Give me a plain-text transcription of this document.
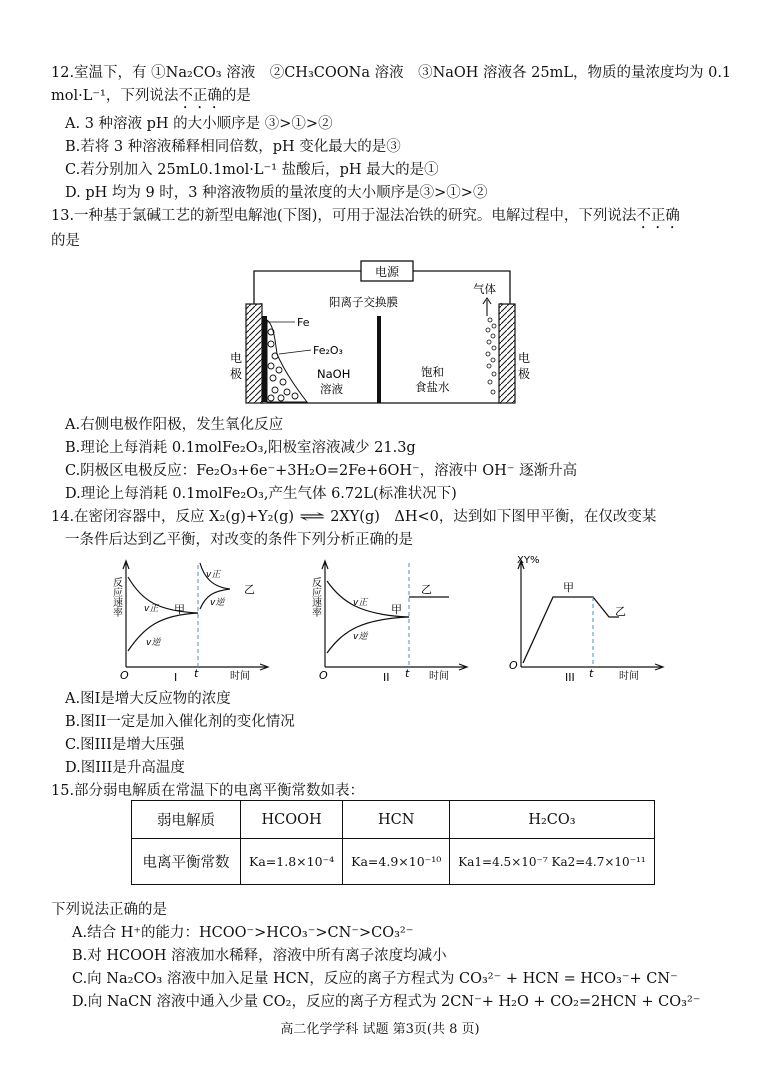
12.室温下，有 ①Na₂CO₃ 溶液　②CH₃COONa 溶液　③NaOH 溶液各 25mL，物质的量浓度均为 0.1
mol·L⁻¹，下列说法不正确的是
A. 3 种溶液 pH 的大小顺序是 ③>①>②
B.若将 3 种溶液稀释相同倍数，pH 变化最大的是③
C.若分别加入 25mL0.1mol·L⁻¹ 盐酸后，pH 最大的是①
D. pH 均为 9 时，3 种溶液物质的量浓度的大小顺序是③>①>②
13.一种基于氯碱工艺的新型电解池(下图)，可用于湿法冶铁的研究。电解过程中，下列说法不正确
的是
电源
Fe
Fe₂O₃
NaOH
溶液
阳离子交换膜
饱和
食盐水
气体
电
极
电
极
A.右侧电极作阳极，发生氧化反应
B.理论上每消耗 0.1molFe₂O₃,阳极室溶液减少 21.3g
C.阴极区电极反应：Fe₂O₃+6e⁻+3H₂O=2Fe+6OH⁻，溶液中 OH⁻ 逐渐升高
D.理论上每消耗 0.1molFe₂O₃,产生气体 6.72L(标准状况下)
14.在密闭容器中，反应 X₂(g)+Y₂(g) ⇌ 2XY(g)　ΔH<0，达到如下图甲平衡，在仅改变某
一条件后达到乙平衡，对改变的条件下列分析正确的是
反应速率
O	t	时间
I
v正
v逆
甲
v正
v逆
乙	反应速率
O	t 时间
II
v正
v逆
甲
乙
XY%
O
t	时间
III
甲
乙
A.图I是增大反应物的浓度
B.图II一定是加入催化剂的变化情况
C.图III是增大压强
D.图III是升高温度
15.部分弱电解质在常温下的电离平衡常数如表：
弱电解质	HCOOH	HCN	H₂CO₃
电离平衡常数	Ka=1.8×10⁻⁴	Ka=4.9×10⁻¹⁰	Ka1=4.5×10⁻⁷ Ka2=4.7×10⁻¹¹
下列说法正确的是
A.结合 H⁺的能力：HCOO⁻>HCO₃⁻>CN⁻>CO₃²⁻
B.对 HCOOH 溶液加水稀释，溶液中所有离子浓度均减小
C.向 Na₂CO₃ 溶液中加入足量 HCN，反应的离子方程式为 CO₃²⁻ + HCN = HCO₃⁻+ CN⁻
D.向 NaCN 溶液中通入少量 CO₂，反应的离子方程式为 2CN⁻+ H₂O + CO₂=2HCN + CO₃²⁻
高二化学学科 试题 第3页(共 8 页)
